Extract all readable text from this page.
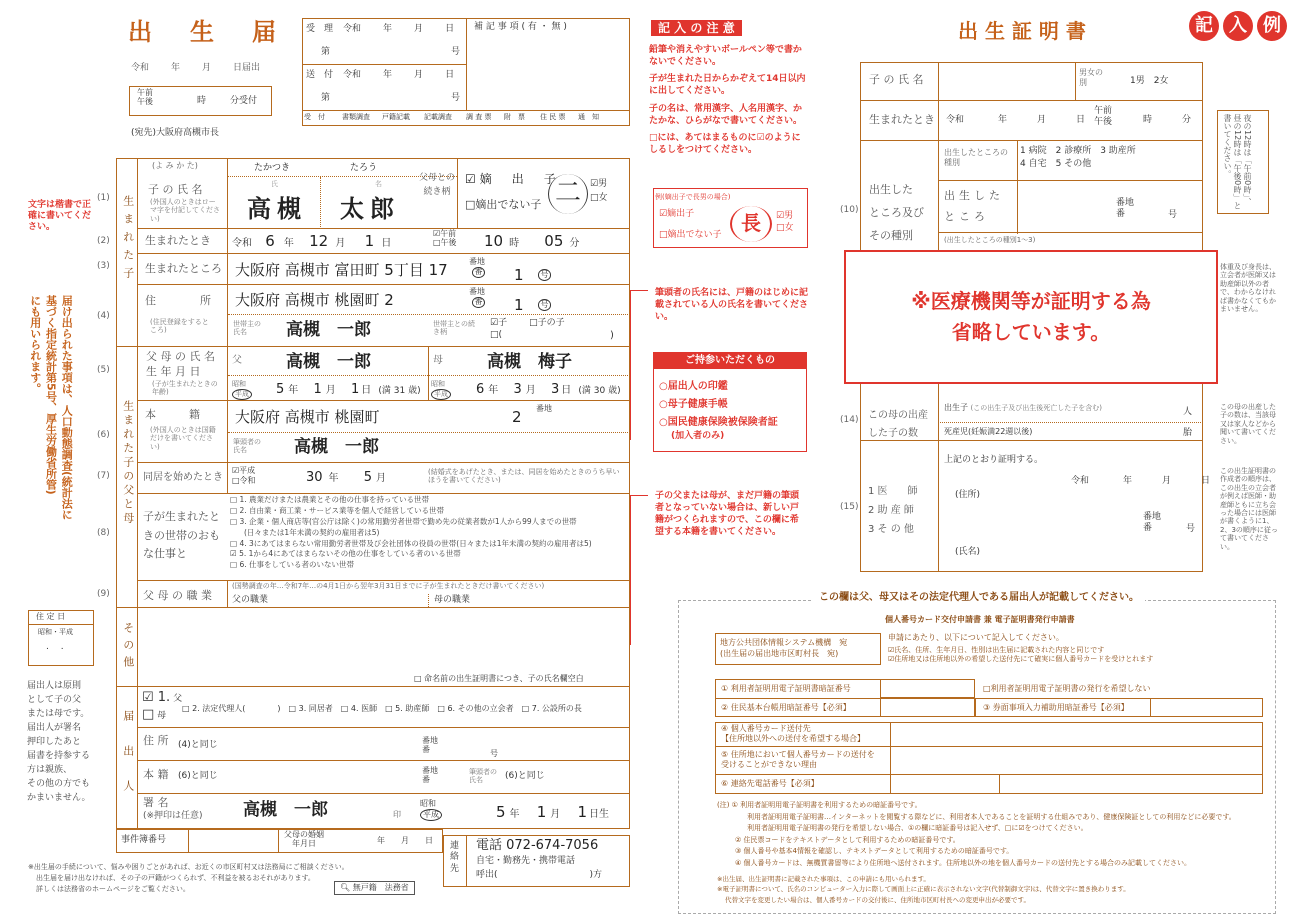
出 生 届
令和 年 月 日届出
午前
午後	時	分受付
(宛先)大阪府高槻市長
受　理 令和 年 月 日
第	号
送　付 令和 年 月 日
第	号
補 記 事 項 ( 有 ・ 無 )
受　付	書類調査	戸籍記載	記載調査	調 査 票	附　票	住 民 票	通　知
記 入 の 注 意
鉛筆や消えやすいボールペン等で書かないでください。
子が生まれた日からかぞえて14日以内に出してください。
子の名は、常用漢字、人名用漢字、かたかな、ひらがなで書いてください。
□には、あてはまるものに☑のようにしるしをつけてください。
例(嫡出子で長男の場合)
☑嫡出子
□嫡出でない子 長	☑男
□女
筆頭者の氏名には、戸籍のはじめに記載されている人の氏名を書いてください。
ご持参いただくもの
○届出人の印鑑
○母子健康手帳
○国民健康保険被保険者証
(加入者のみ)
子の父または母が、まだ戸籍の筆頭者となっていない場合は、新しい戸籍がつくられますので、この欄に希望する本籍を書いてください。
文字は楷書で正確に書いてください。
(1)
(2)
(3)
(4)
(5)
(6)
(7)
(8)
(9)
届け出られた事項は、人口動態調査(統計法に
基づく指定統計第5号、厚生労働省所管)
にも用いられます。
住 定 日
昭和・平成
.　 .
届出人は原則
として子の父
または母です。
届出人が署名
押印したあと
届書を持参する
方は親族、
その他の方でも
かまいません。
生まれた子
生まれた子の父と母
その他
届出人
(よ み か た)
子 の 氏 名
(外国人のときはローマ字を付記してください)
たかつき	たろう
氏	名
高槻 太郎
父母との続き柄
☑嫡　出　子
□嫡出でない子 二	☑男
□女
生まれたとき 令和 6 年 12 月 1 日
☑午前
□午後 10 時 05 分
生まれたところ 大阪府 高槻市 富田町 5丁目 17	番地
番 1	号
住　　　　所
(住民登録をするところ)
大阪府 高槻市 桃園町 2	番地
番 1	号
世帯主の氏名	高槻　一郎	世帯主との続き柄
☑子 □子の子
□(	)
父 母 の 氏 名 生 年 月 日
(子が生まれたときの年齢)
父	高槻　一郎	母	高槻　梅子
昭和
平成 5 年 1 月 1 日 (満 31 歳)
昭和
平成 6 年 3 月 3 日 (満 30 歳)
本　　　籍
(外国人のときは国籍だけを書いてください)
大阪府 高槻市 桃園町	2 番地
筆頭者の氏名	高槻　一郎
同居を始めたとき
☑平成
□令和	30 年 5 月
(結婚式をあげたとき、または、同居を始めたときのうち早いほうを書いてください)
子が生まれたときの世帯のおもな仕事と
□ 1. 農業だけまたは農業とその他の仕事を持っている世帯
□ 2. 自由業・商工業・サービス業等を個人で経営している世帯
□ 3. 企業・個人商店等(官公庁は除く)の常用勤労者世帯で勤め先の従業者数が1人から99人までの世帯
(日々または1年未満の契約の雇用者は5)
□ 4. 3にあてはまらない常用勤労者世帯及び会社団体の役員の世帯(日々または1年未満の契約の雇用者は5)
☑ 5. 1から4にあてはまらないその他の仕事をしている者のいる世帯
□ 6. 仕事をしている者のいない世帯
父 母 の 職 業
(国勢調査の年…令和7年…の4月1日から翌年3月31日までに子が生まれたときだけ書いてください)
父の職業	母の職業
□ 命名前の出生証明書につき、子の氏名欄空白
☑ 1. 父
□ 母
□ 2. 法定代理人(　　　　)　□ 3. 同居者　□ 4. 医師　□ 5. 助産師　□ 6. その他の立会者　□ 7. 公設所の長
住 所 (4)と同じ	番地
番	号
本 籍 (6)と同じ
番地
番
筆頭者の氏名	(6)と同じ
署 名
(※押印は任意) 高槻　一郎	印
昭和
平成	5 年 1 月 1 日生
事件簿番号
父母の婚姻
年月日	年 月 日
連
絡
先
電話 072-674-7056
自宅・勤務先・携帯電話
呼出(	)方
※出生届の手続について、悩みや困りごとがあれば、お近くの市区町村又は法務局にご相談ください。
出生届を届け出なければ、その子の戸籍がつくられず、不利益を被るおそれがあります。
詳しくは法務省のホームページをご覧ください。	🔍︎ 無戸籍　法務省
出 生 証 明 書	記 入 例
子 の 氏 名
男女の別	1男　2女
生まれたとき 令和	年	月	日
午前
午後	時	分
出生した
ところ及び
その種別
(10)
出生したところの種別
1 病院　 2 診療所　 3 助産所
4 自宅　 5 その他
出生したところ
番地
番	号
(出生したところの種別1〜3)
※医療機関等が証明する為
省略しています。
(14) この母の出産
した子の数
出生子 (この出生子及び出生後死亡した子を含む)	人
死産児(妊娠満22週以後)	胎
(15)
1 医　　師
2 助 産 師
3 そ の 他
上記のとおり証明する。
令和	年	月	日
(住所)
番地
番	号
(氏名)
夜の12時は「午前0時」、昼の12時は「午後0時」と書いてください。
体重及び身長は、立会者が医師又は助産師以外の者で、わからなければ書かなくてもかまいません。
この母の出産した子の数は、当該母又は家人などから聞いて書いてください。
この出生証明書の作成者の順序は、この出生の立会者が例えば医師・助産師ともに立ち会った場合には医師が書くように1、2、3の順序に従って書いてください。
この欄は父、母又はその法定代理人である届出人が記載してください。
個人番号カード交付申請書 兼 電子証明書発行申請書
地方公共団体情報システム機構　宛
(出生届の届出地市区町村長　宛)
申請にあたり、以下について記入してください。
☑氏名、住所、生年月日、性別は出生届に記載された内容と同じです
☑住所地又は住所地以外の希望した送付先にて確実に個人番号カードを受けとれます
① 利用者証明用電子証明書暗証番号
② 住民基本台帳用暗証番号【必須】
□利用者証明用電子証明書の発行を希望しない
③ 券面事項入力補助用暗証番号【必須】
④ 個人番号カード送付先
【住所地以外への送付を希望する場合】
⑤ 住所地において個人番号カードの送付を
受けることができない理由
⑥ 連絡先電話番号【必須】
(注) ① 利用者証明用電子証明書を利用するための暗証番号です。
利用者証明用電子証明書…インターネットを閲覧する際などに、利用者本人であることを証明する仕組みであり、健康保険証としての利用などに必要です。
利用者証明用電子証明書の発行を希望しない場合、①の欄に暗証番号は記入せず、□に☑をつけてください。
② 住民票コードをテキストデータとして利用するための暗証番号です。
③ 個人番号や基本4情報を確認し、テキストデータとして利用するための暗証番号です。
④ 個人番号カードは、無機質書留等により住所地へ送付されます。住所地以外の地を個人番号カードの送付先とする場合のみ記載してください。
※出生届、出生証明書に記載された事項は、この申請にも用いられます。
※電子証明書について、氏名のコンピューター入力に際して画面上に正確に表示されない文字(代替制御文字)は、代替文字に置き換わります。
代替文字を変更したい場合は、個人番号カードの交付後に、住所地市区町村長への変更申出が必要です。
